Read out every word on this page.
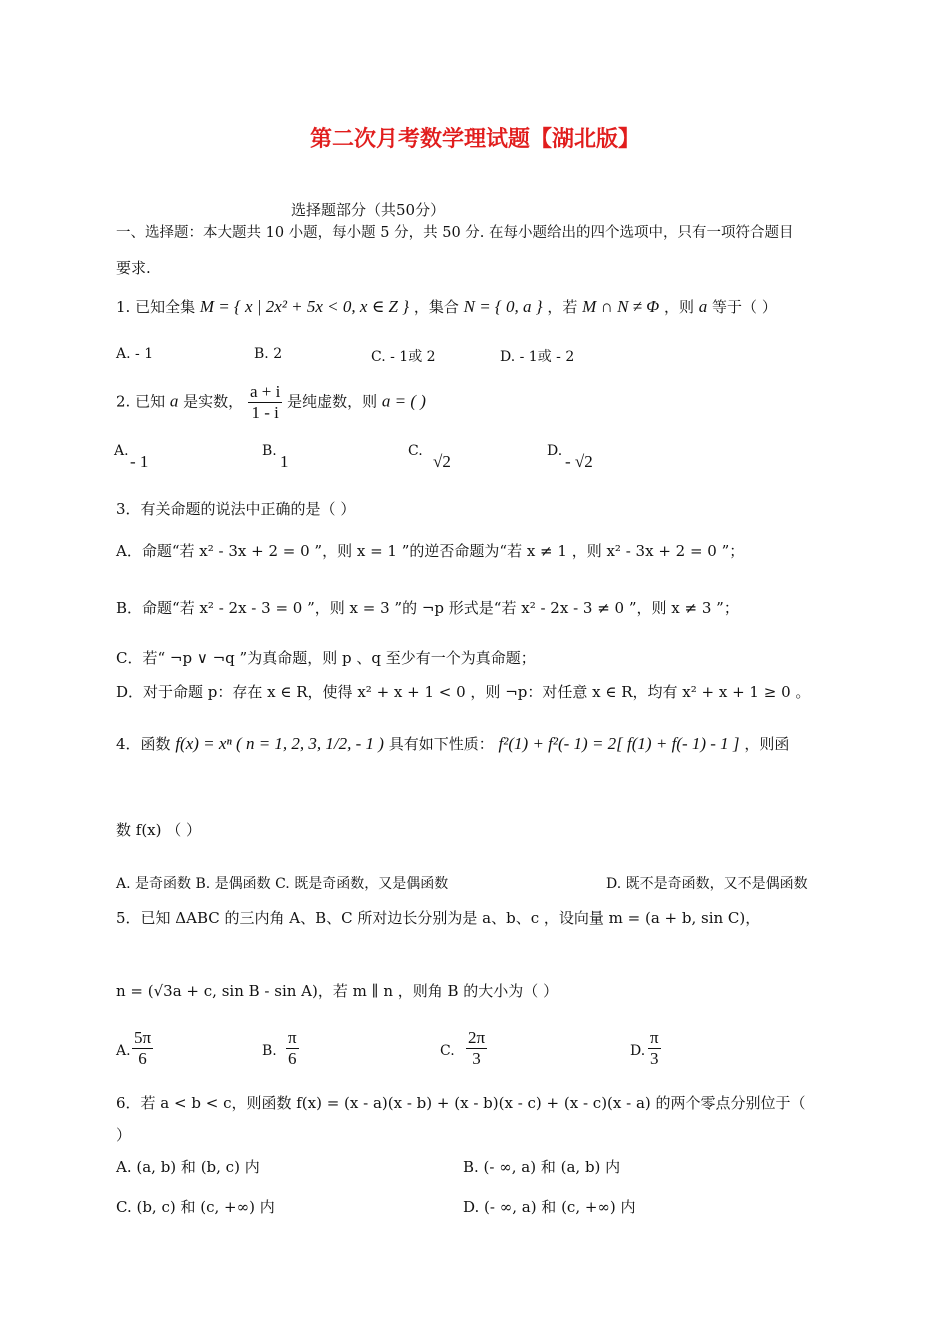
第二次月考数学理试题【湖北版】
选择题部分（共50分）
一、选择题：本大题共 10 小题，每小题 5 分，共 50 分. 在每小题给出的四个选项中，只有一项符合题目
要求.
1. 已知全集 M = { x | 2x² + 5x < 0, x ∈ Z } ，集合 N = { 0, a } ，若 M ∩ N ≠ Φ ，则 a 等于（ ）
A. - 1	B. 2	C. - 1或 2	D. - 1或 - 2
2. 已知 a 是实数， $\frac{a + i}{1 - i}$ 是纯虚数，则 a = ( )
A.
- 1
B.
1
C.
√2
D.
- √2
3．有关命题的说法中正确的是（ ）
A．命题“若 x² - 3x + 2 = 0 ”，则 x = 1 ”的逆否命题为“若 x ≠ 1 ，则 x² - 3x + 2 = 0 ”；
B．命题“若 x² - 2x - 3 = 0 ”，则 x = 3 ”的 ¬p 形式是“若 x² - 2x - 3 ≠ 0 ”，则 x ≠ 3 ”；
C．若“ ¬p ∨ ¬q ”为真命题，则 p 、q 至少有一个为真命题；
D．对于命题 p：存在 x ∈ R，使得 x² + x + 1 < 0 ，则 ¬p：对任意 x ∈ R，均有 x² + x + 1 ≥ 0 。
4．函数 f(x) = xⁿ ( n = 1, 2, 3, 1/2, - 1 ) 具有如下性质： f²(1) + f²(- 1) = 2[ f(1) + f(- 1) - 1 ] ，则函
数 f(x) （ ）
A. 是奇函数 B. 是偶函数 C. 既是奇函数，又是偶函数	D. 既不是奇函数，又不是偶函数
5．已知 ΔABC 的三内角 A、B、C 所对边长分别为是 a、b、c ，设向量 m = (a + b, sin C)，
n = (√3a + c, sin B - sin A)，若 m ∥ n ，则角 B 的大小为（ ）
A. $\frac{5\pi}{6}$	B. $\frac{\pi}{6}$	C. $\frac{2\pi}{3}$	D. $\frac{\pi}{3}$
6．若 a < b < c，则函数 f(x) = (x - a)(x - b) + (x - b)(x - c) + (x - c)(x - a) 的两个零点分别位于（
）
A. (a, b) 和 (b, c) 内	B. (- ∞, a) 和 (a, b) 内
C. (b, c) 和 (c, +∞) 内	D. (- ∞, a) 和 (c, +∞) 内
